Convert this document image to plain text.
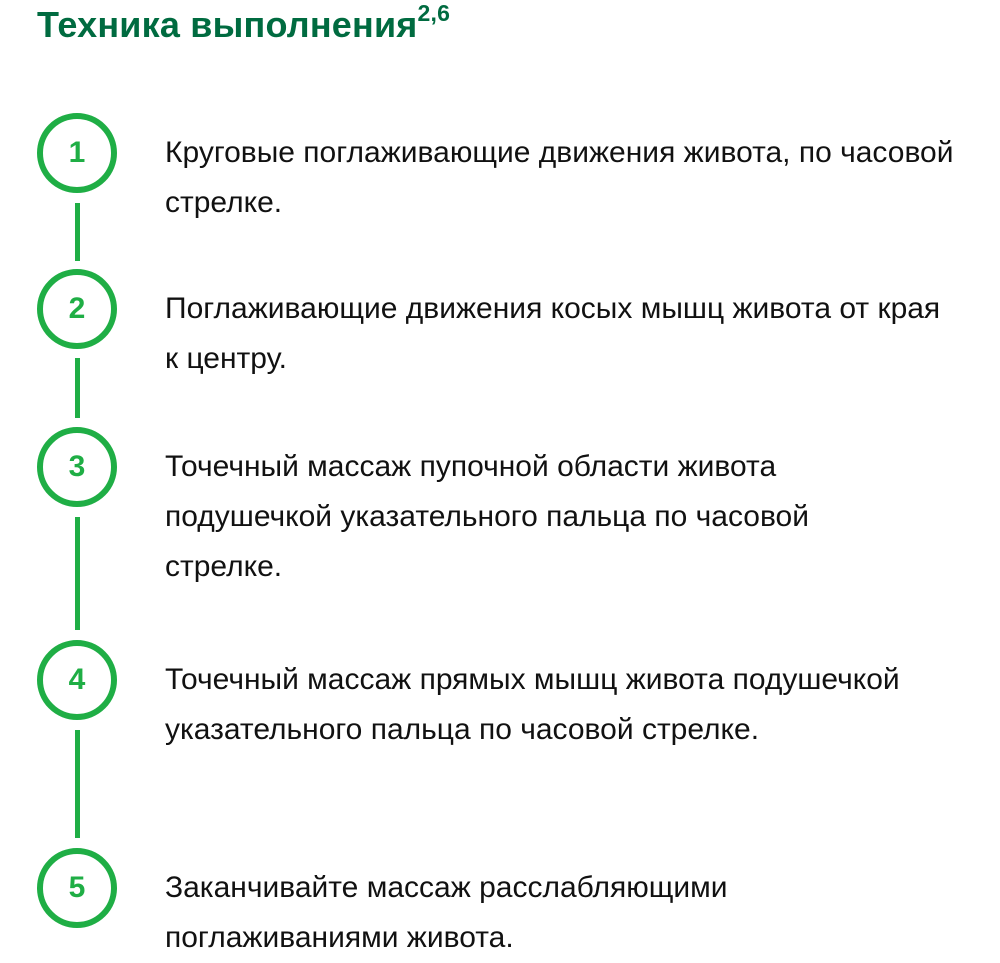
Техника выполнения$^{2,6}$
1	Круговые поглаживающие движения живота, по часовой стрелке.
2	Поглаживающие движения косых мышц живота от края к центру.
3	Точечный массаж пупочной области живота подушечкой указательного пальца по часовой стрелке.
4	Точечный массаж прямых мышц живота подушечкой указательного пальца по часовой стрелке.
5	Заканчивайте массаж расслабляющими поглаживаниями живота.
